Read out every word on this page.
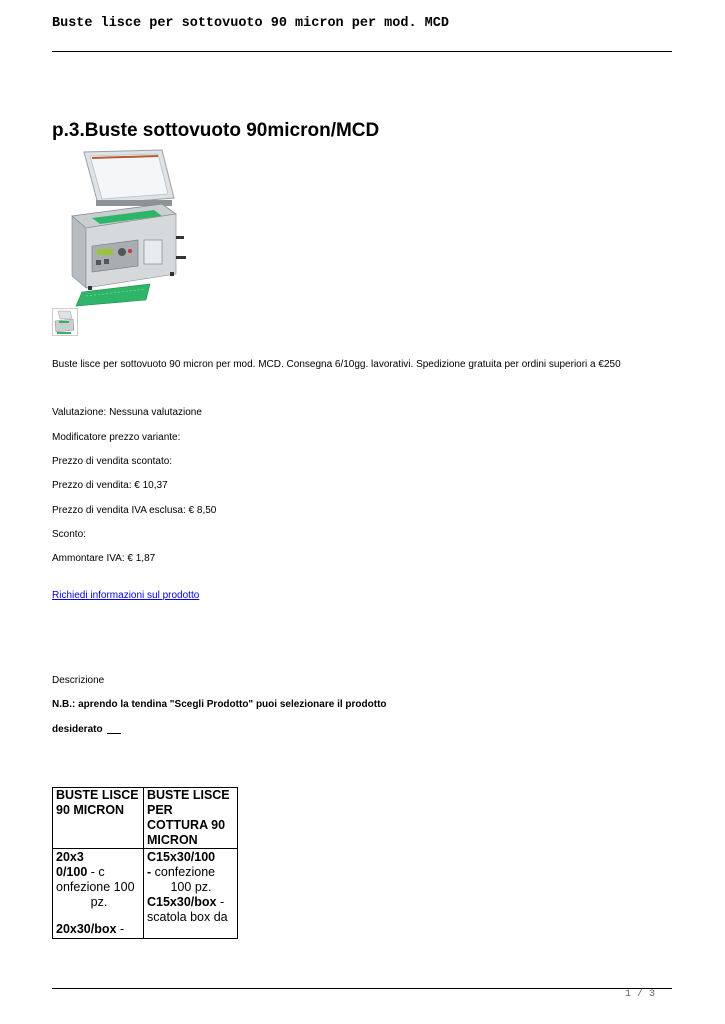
Buste lisce per sottovuoto 90 micron per mod. MCD
p.3.Buste sottovuoto 90micron/MCD
Buste lisce per sottovuoto 90 micron per mod. MCD. Consegna 6/10gg. lavorativi. Spedizione gratuita per ordini superiori a €250
Valutazione: Nessuna valutazione
Modificatore prezzo variante:
Prezzo di vendita scontato:
Prezzo di vendita: € 10,37
Prezzo di vendita IVA esclusa: € 8,50
Sconto:
Ammontare IVA: € 1,87
Richiedi informazioni sul prodotto
Descrizione
N.B.: aprendo la tendina "Scegli Prodotto" puoi selezionare il prodotto
desiderato
BUSTE LISCE
90 MICRON
BUSTE LISCE
PER
COTTURA 90
MICRON
20x3
0/100 - c
onfezione 100

pz.
20x30/box -
C15x30/100
- confezione

100 pz.
C15x30/box -
scatola box da
1 / 3
